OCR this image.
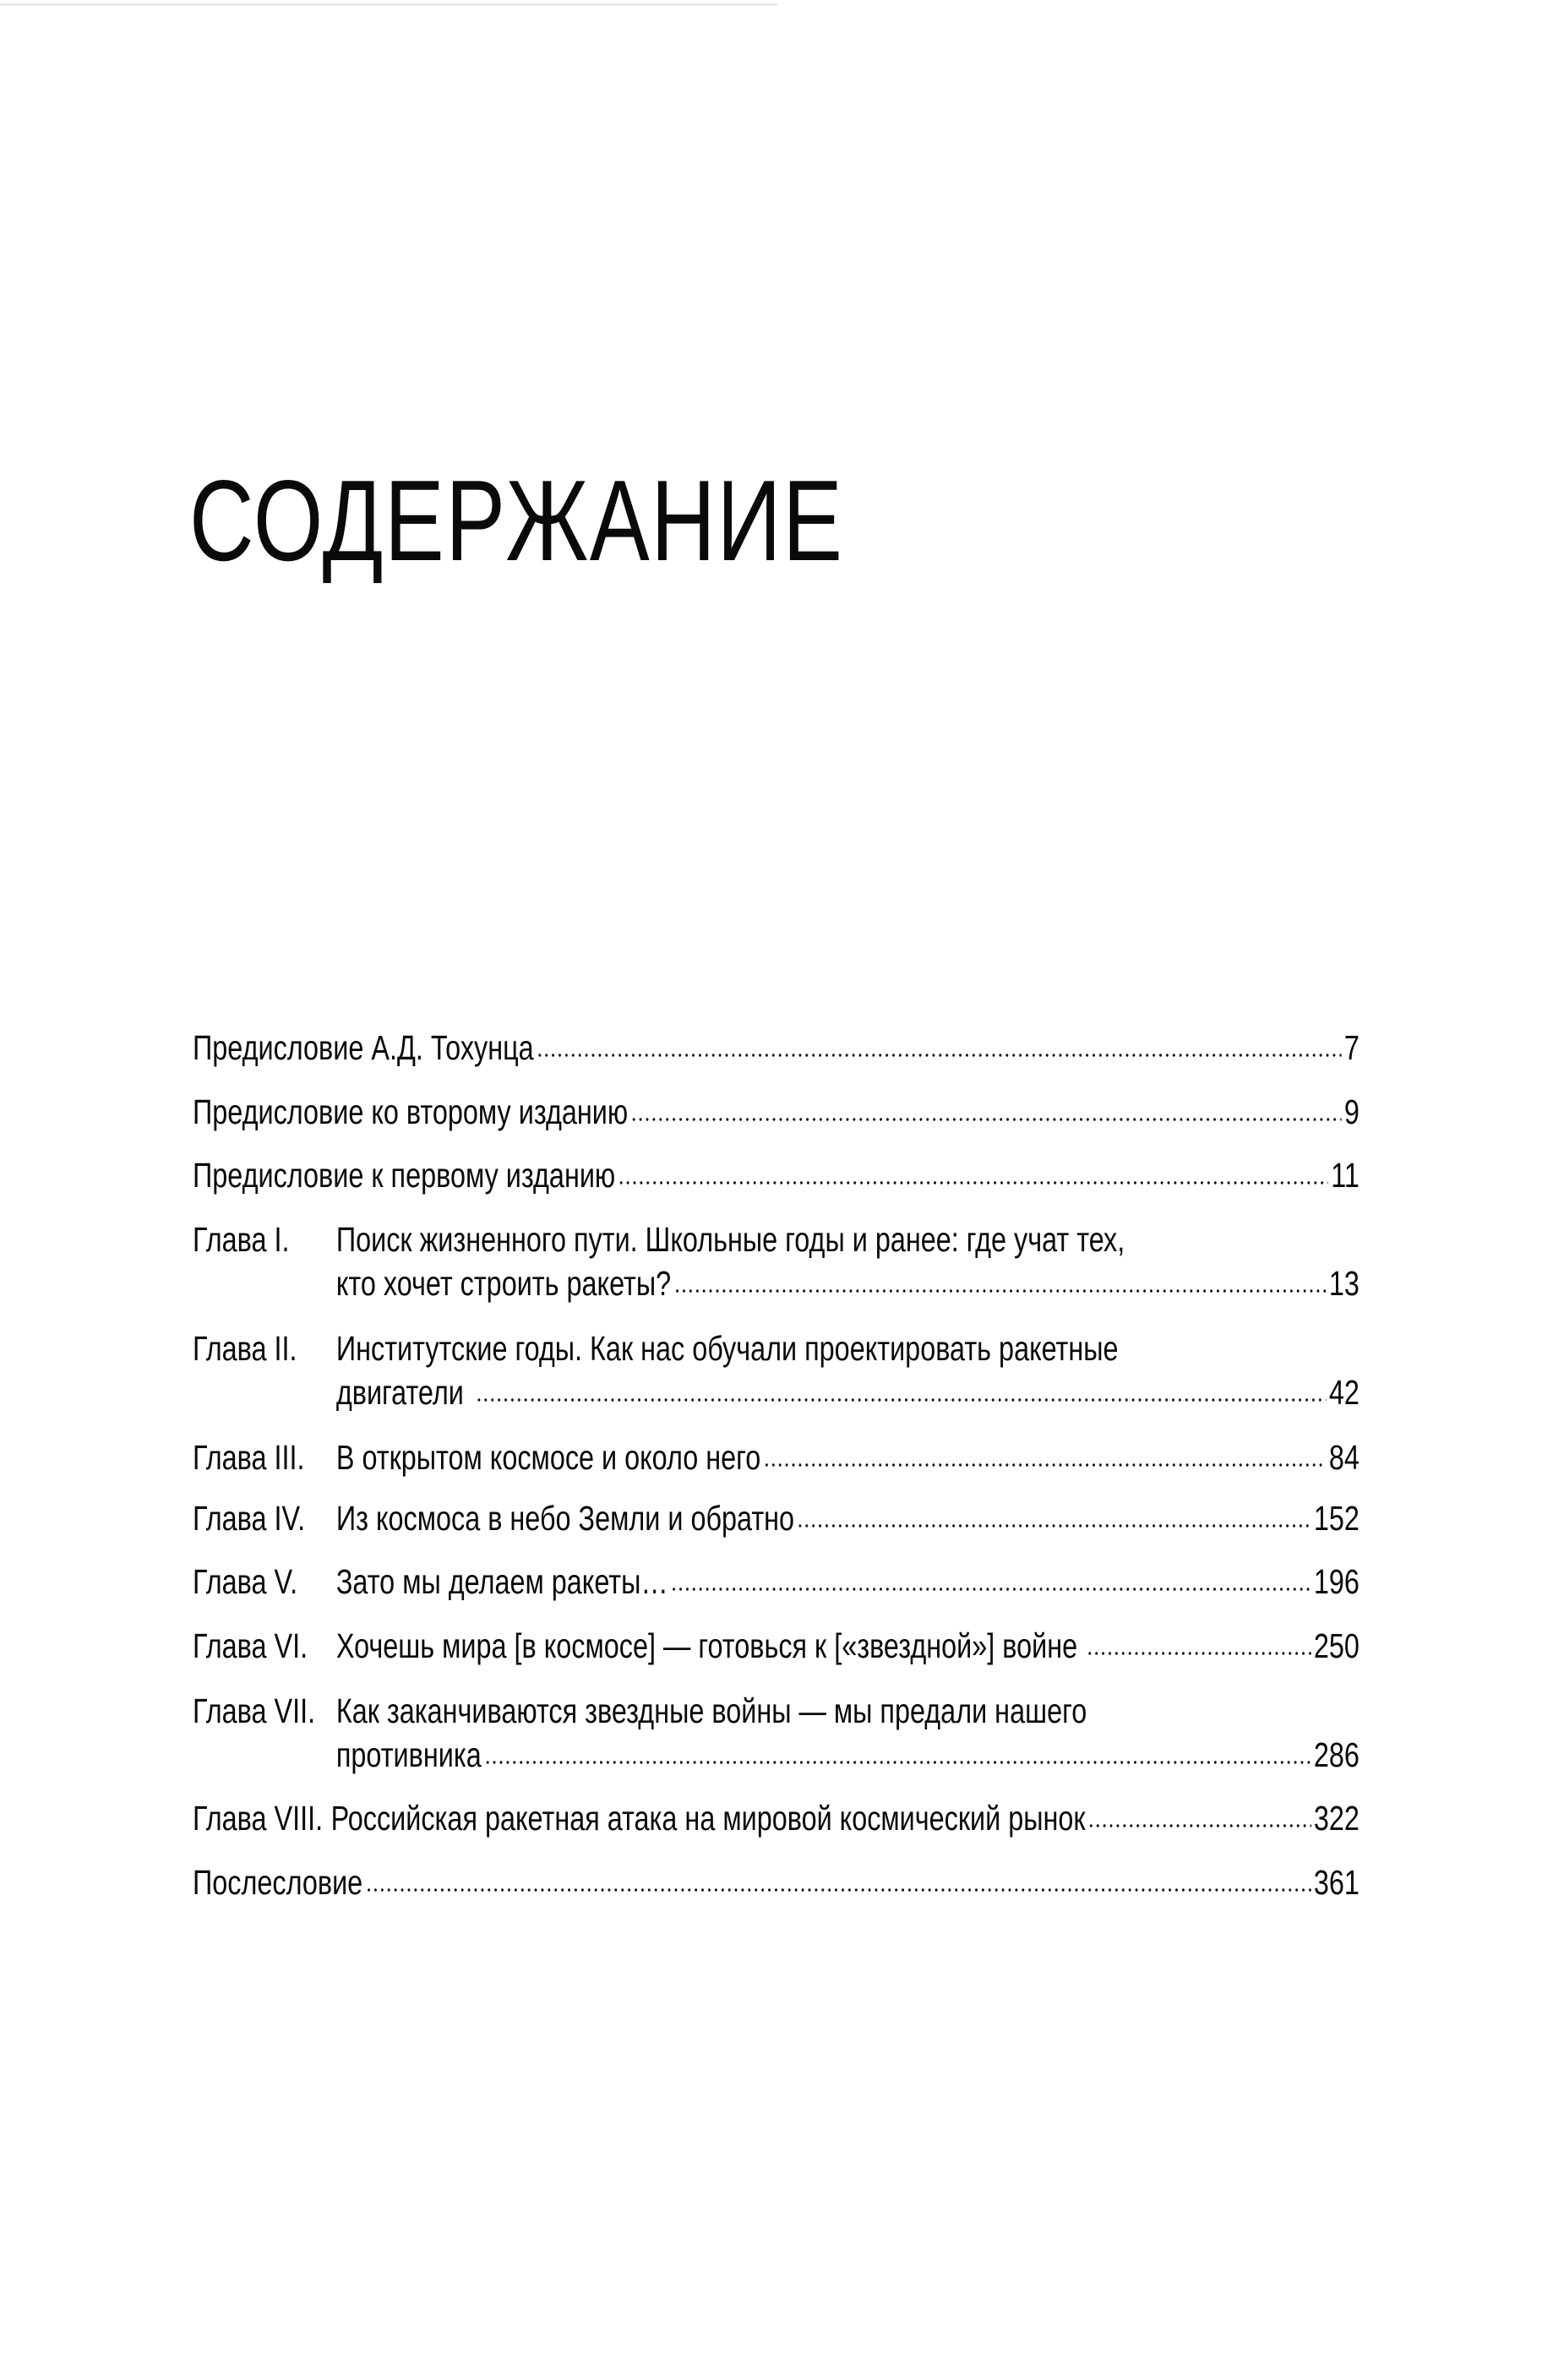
СОДЕРЖАНИЕ
Предисловие А.Д. Тохунца	7
Предисловие ко второму изданию	9
Предисловие к первому изданию	11
Глава I.	Поиск жизненного пути. Школьные годы и ранее: где учат тех,
кто хочет строить ракеты?	13
Глава II.	Институтские годы. Как нас обучали проектировать ракетные
двигатели	42
Глава III. В открытом космосе и около него	84
Глава IV. Из космоса в небо Земли и обратно	152
Глава V.	Зато мы делаем ракеты…	196
Глава VI. Хочешь мира [в космосе] — готовься к [«звездной»] войне	250
Глава VII. Как заканчиваются звездные войны — мы предали нашего
противника	286
Глава VIII. Российская ракетная атака на мировой космический рынок	322
Послесловие	361
